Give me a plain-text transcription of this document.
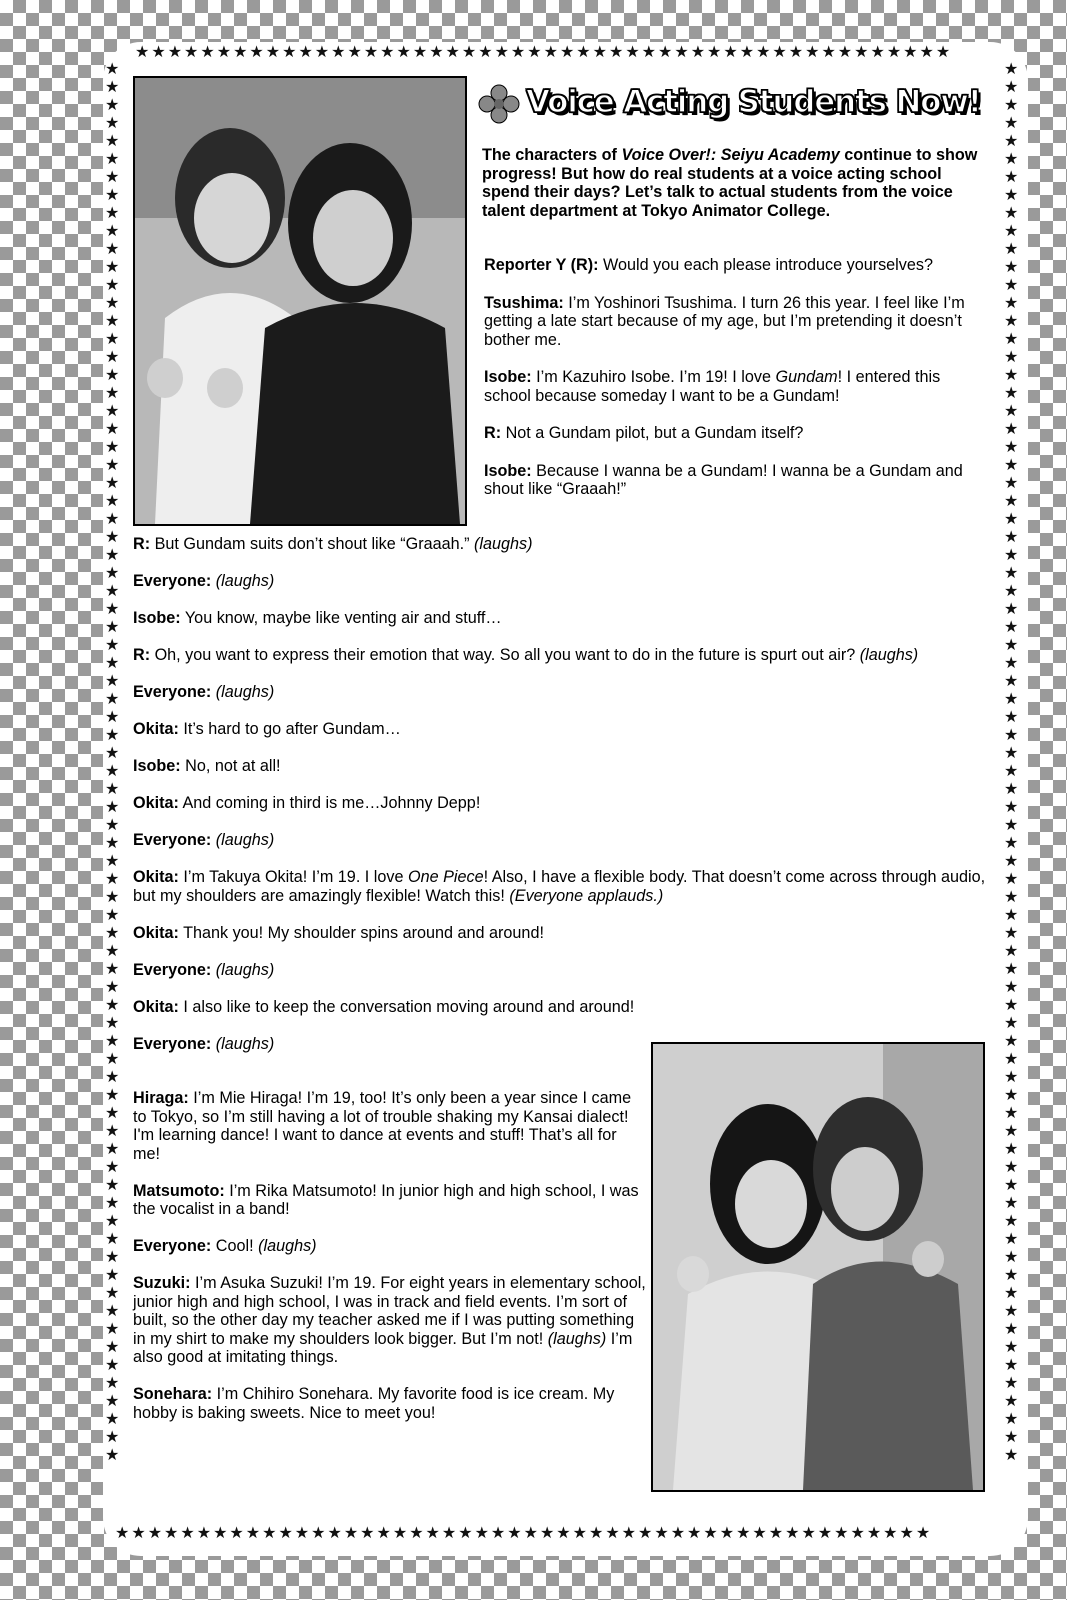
★★★★★★★★★★★★★★★★★★★★★★★★★★★★★★★★★★★★★★★★★★★★★★★★★★
★★★★★★★★★★★★★★★★★★★★★★★★★★★★★★★★★★★★★★★★★★★★★★★★★★
★★★★★★★★★★★★★★★★★★★★★★★★★★★★★★★★★★★★★★★★★★★★★★★★★★★★★★★★★★★★★★★★★★★★★★★★★★★★★★
★★★★★★★★★★★★★★★★★★★★★★★★★★★★★★★★★★★★★★★★★★★★★★★★★★★★★★★★★★★★★★★★★★★★★★★★★★★★★★
Voice Acting Students Now!

The characters of Voice Over!: Seiyu Academy continue to show progress! But how do real students at a voice acting school spend their days? Let’s talk to actual students from the voice talent department at Tokyo Animator College.

Reporter Y (R): Would you each please introduce yourselves?

Tsushima: I’m Yoshinori Tsushima. I turn 26 this year. I feel like I’m getting a late start because of my age, but I’m pretending it doesn’t bother me.

Isobe: I’m Kazuhiro Isobe. I’m 19! I love Gundam! I entered this school because someday I want to be a Gundam!

R: Not a Gundam pilot, but a Gundam itself?

Isobe: Because I wanna be a Gundam! I wanna be a Gundam and shout like “Graaah!”

R: But Gundam suits don’t shout like “Graaah.” (laughs)

Everyone: (laughs)

Isobe: You know, maybe like venting air and stuff…

R: Oh, you want to express their emotion that way. So all you want to do in the future is spurt out air? (laughs)

Everyone: (laughs)

Okita: It’s hard to go after Gundam…

Isobe: No, not at all!

Okita: And coming in third is me…Johnny Depp!

Everyone: (laughs)

Okita: I’m Takuya Okita! I’m 19. I love One Piece! Also, I have a flexible body. That doesn’t come across through audio, but my shoulders are amazingly flexible! Watch this! (Everyone applauds.)

Okita: Thank you! My shoulder spins around and around!

Everyone: (laughs)

Okita: I also like to keep the conversation moving around and around!

Everyone: (laughs)

Hiraga: I’m Mie Hiraga! I’m 19, too! It’s only been a year since I came to Tokyo, so I’m still having a lot of trouble shaking my Kansai dialect! I'm learning dance! I want to dance at events and stuff! That’s all for me!

Matsumoto: I’m Rika Matsumoto! In junior high and high school, I was the vocalist in a band!

Everyone: Cool! (laughs)

Suzuki: I’m Asuka Suzuki! I’m 19. For eight years in elementary school, junior high and high school, I was in track and field events. I’m sort of built, so the other day my teacher asked me if I was putting something in my shirt to make my shoulders look bigger. But I’m not! (laughs) I’m also good at imitating things.

Sonehara: I’m Chihiro Sonehara. My favorite food is ice cream. My hobby is baking sweets. Nice to meet you!
